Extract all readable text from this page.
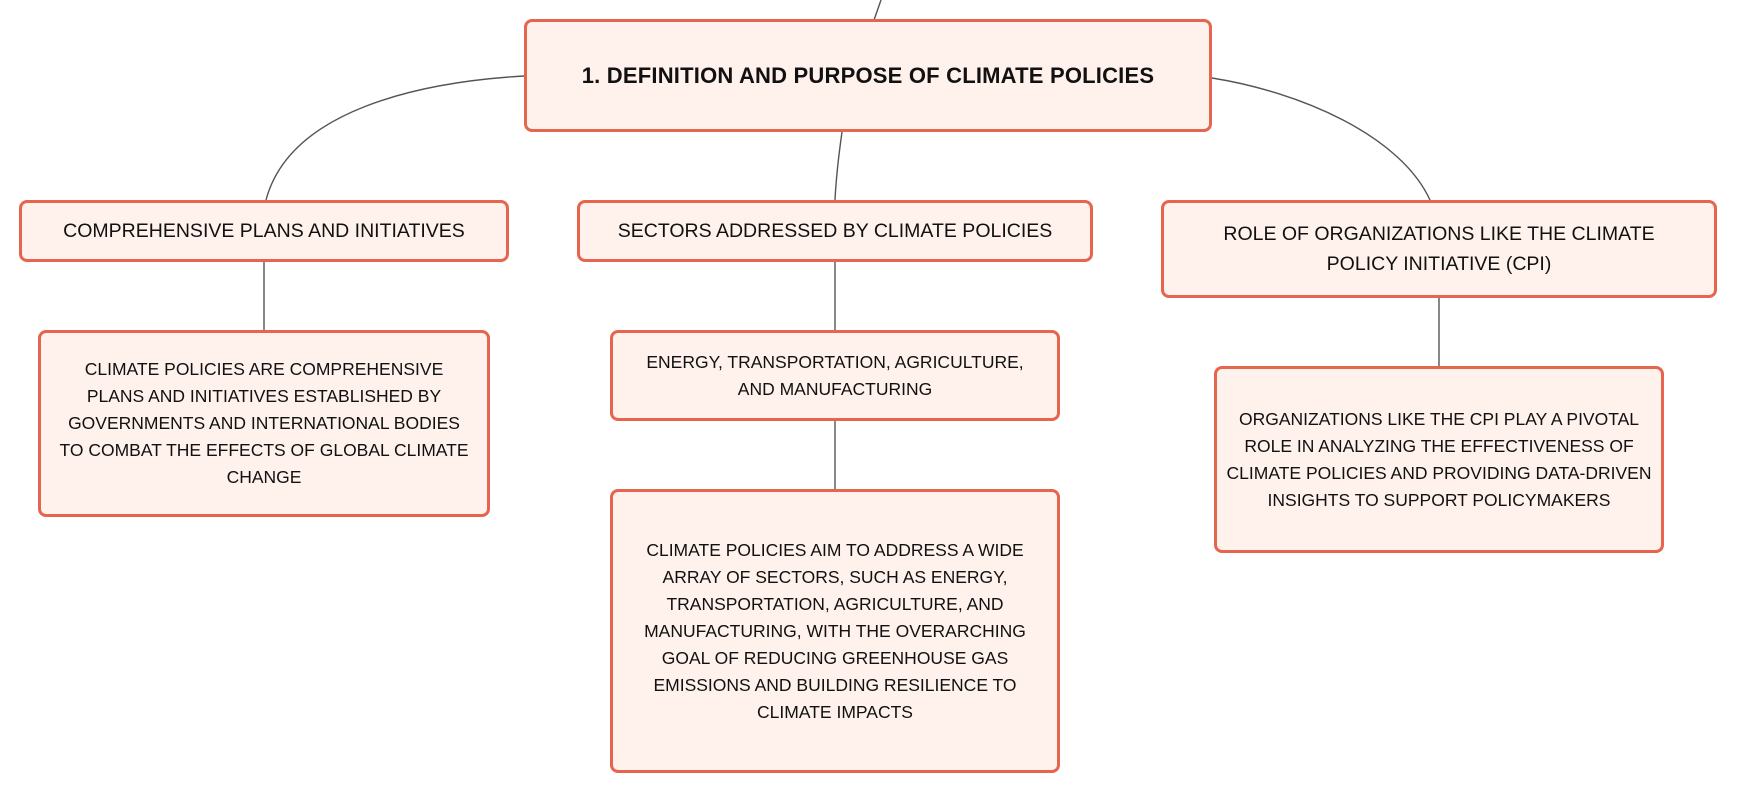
1. DEFINITION AND PURPOSE OF CLIMATE POLICIES
COMPREHENSIVE PLANS AND INITIATIVES	SECTORS ADDRESSED BY CLIMATE POLICIES	ROLE OF ORGANIZATIONS LIKE THE CLIMATE POLICY INITIATIVE (CPI)
CLIMATE POLICIES ARE COMPREHENSIVE PLANS AND INITIATIVES ESTABLISHED BY GOVERNMENTS AND INTERNATIONAL BODIES TO COMBAT THE EFFECTS OF GLOBAL CLIMATE CHANGE
ENERGY, TRANSPORTATION, AGRICULTURE, AND MANUFACTURING
CLIMATE POLICIES AIM TO ADDRESS A WIDE ARRAY OF SECTORS, SUCH AS ENERGY, TRANSPORTATION, AGRICULTURE, AND MANUFACTURING, WITH THE OVERARCHING GOAL OF REDUCING GREENHOUSE GAS EMISSIONS AND BUILDING RESILIENCE TO CLIMATE IMPACTS
ORGANIZATIONS LIKE THE CPI PLAY A PIVOTAL ROLE IN ANALYZING THE EFFECTIVENESS OF CLIMATE POLICIES AND PROVIDING DATA-DRIVEN INSIGHTS TO SUPPORT POLICYMAKERS
